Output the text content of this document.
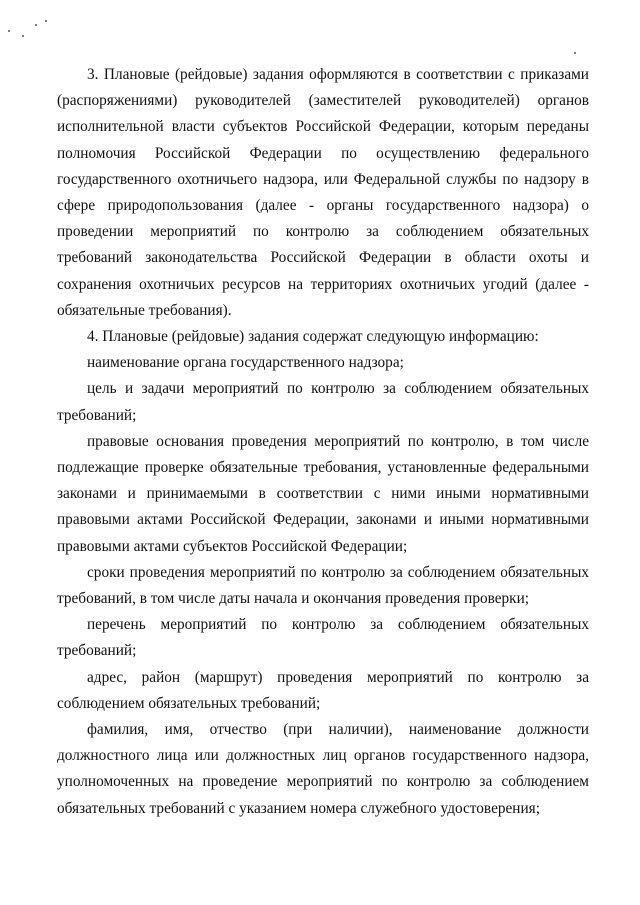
3. Плановые (рейдовые) задания оформляются в соответствии с приказами (распоряжениями) руководителей (заместителей руководителей) органов исполнительной власти субъектов Российской Федерации, которым переданы полномочия Российской Федерации по осуществлению федерального государственного охотничьего надзора, или Федеральной службы по надзору в сфере природопользования (далее - органы государственного надзора) о проведении мероприятий по контролю за соблюдением обязательных требований законодательства Российской Федерации в области охоты и сохранения охотничьих ресурсов на территориях охотничьих угодий (далее - обязательные требования).

4. Плановые (рейдовые) задания содержат следующую информацию:

наименование органа государственного надзора;

цель и задачи мероприятий по контролю за соблюдением обязательных требований;

правовые основания проведения мероприятий по контролю, в том числе подлежащие проверке обязательные требования, установленные федеральными законами и принимаемыми в соответствии с ними иными нормативными правовыми актами Российской Федерации, законами и иными нормативными правовыми актами субъектов Российской Федерации;

сроки проведения мероприятий по контролю за соблюдением обязательных требований, в том числе даты начала и окончания проведения проверки;

перечень мероприятий по контролю за соблюдением обязательных требований;

адрес, район (маршрут) проведения мероприятий по контролю за соблюдением обязательных требований;

фамилия, имя, отчество (при наличии), наименование должности должностного лица или должностных лиц органов государственного надзора, уполномоченных на проведение мероприятий по контролю за соблюдением обязательных требований с указанием номера служебного удостоверения;
